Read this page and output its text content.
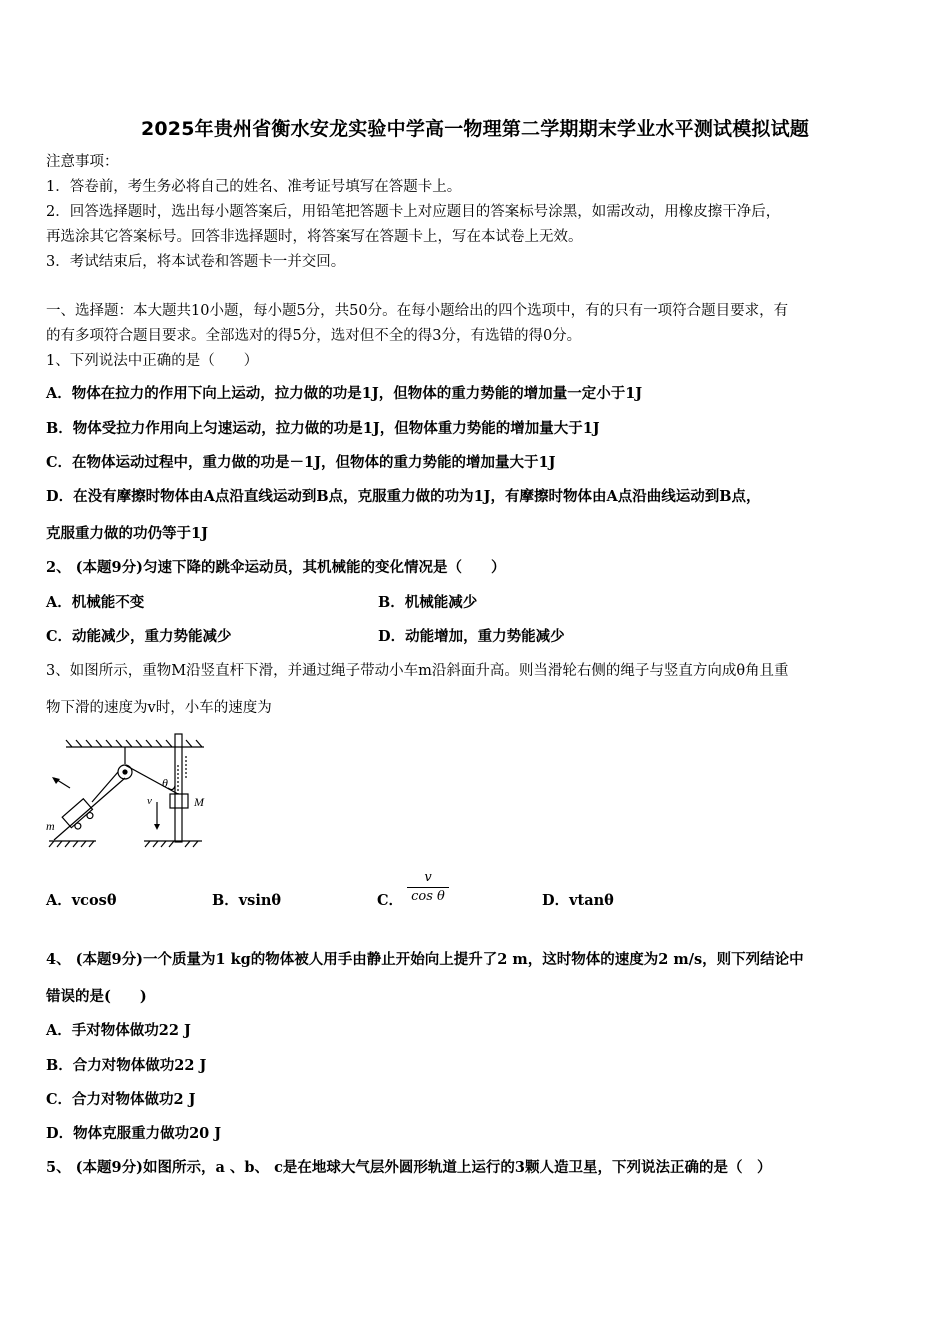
2025年贵州省衡水安龙实验中学高一物理第二学期期末学业水平测试模拟试题
注意事项：
1．答卷前，考生务必将自己的姓名、准考证号填写在答题卡上。
2．回答选择题时，选出每小题答案后，用铅笔把答题卡上对应题目的答案标号涂黑，如需改动，用橡皮擦干净后，
再选涂其它答案标号。回答非选择题时，将答案写在答题卡上，写在本试卷上无效。
3．考试结束后，将本试卷和答题卡一并交回。
一、选择题：本大题共10小题，每小题5分，共50分。在每小题给出的四个选项中，有的只有一项符合题目要求，有
的有多项符合题目要求。全部选对的得5分，选对但不全的得3分，有选错的得0分。
1、下列说法中正确的是（　　）
A．物体在拉力的作用下向上运动，拉力做的功是1J，但物体的重力势能的增加量一定小于1J
B．物体受拉力作用向上匀速运动，拉力做的功是1J，但物体重力势能的增加量大于1J
C．在物体运动过程中，重力做的功是－1J，但物体的重力势能的增加量大于1J
D．在没有摩擦时物体由A点沿直线运动到B点，克服重力做的功为1J，有摩擦时物体由A点沿曲线运动到B点，
克服重力做的功仍等于1J
2、 (本题9分)匀速下降的跳伞运动员，其机械能的变化情况是（　　）
A．机械能不变	B．机械能减少
C．动能减少，重力势能减少	D．动能增加，重力势能减少
3、如图所示，重物M沿竖直杆下滑，并通过绳子带动小车m沿斜面升高。则当滑轮右侧的绳子与竖直方向成θ角且重
物下滑的速度为v时，小车的速度为
m
M
v
θ
A．vcosθ	B．vsinθ	C．
v
cos θ	D．vtanθ
4、 (本题9分)一个质量为1 kg的物体被人用手由静止开始向上提升了2 m，这时物体的速度为2 m/s，则下列结论中
错误的是(　　)
A．手对物体做功22 J
B．合力对物体做功22 J
C．合力对物体做功2 J
D．物体克服重力做功20 J
5、 (本题9分)如图所示，a 、b、 c是在地球大气层外圆形轨道上运行的3颗人造卫星，下列说法正确的是（　）
